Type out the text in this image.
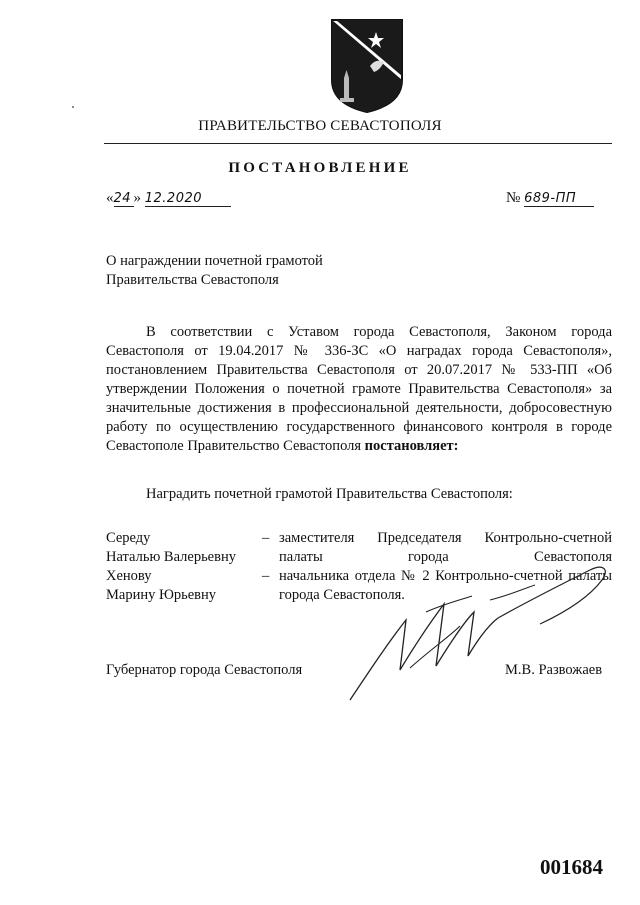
ПРАВИТЕЛЬСТВО СЕВАСТОПОЛЯ
ПОСТАНОВЛЕНИЕ
«24 » 12.2020	№ 689-ПП
О награждении почетной грамотой
Правительства Севастополя
В соответствии с Уставом города Севастополя, Законом города Севастополя от 19.04.2017 № 336-ЗС «О наградах города Севастополя», постановлением Правительства Севастополя от 20.07.2017 № 533-ПП «Об утверждении Положения о почетной грамоте Правительства Севастополя» за значительные достижения в профессиональной деятельности, добросовестную работу по осуществлению государственного финансового контроля в городе Севастополе Правительство Севастополя постановляет:
Наградить почетной грамотой Правительства Севастополя:
Середу
Наталью Валерьевну
– заместителя Председателя Контрольно-счетной палаты города Севастополя
Хенову
Марину Юрьевну
– начальника отдела № 2 Контрольно-счетной палаты города Севастополя.
Губернатор города Севастополя	М.В. Развожаев
001684
